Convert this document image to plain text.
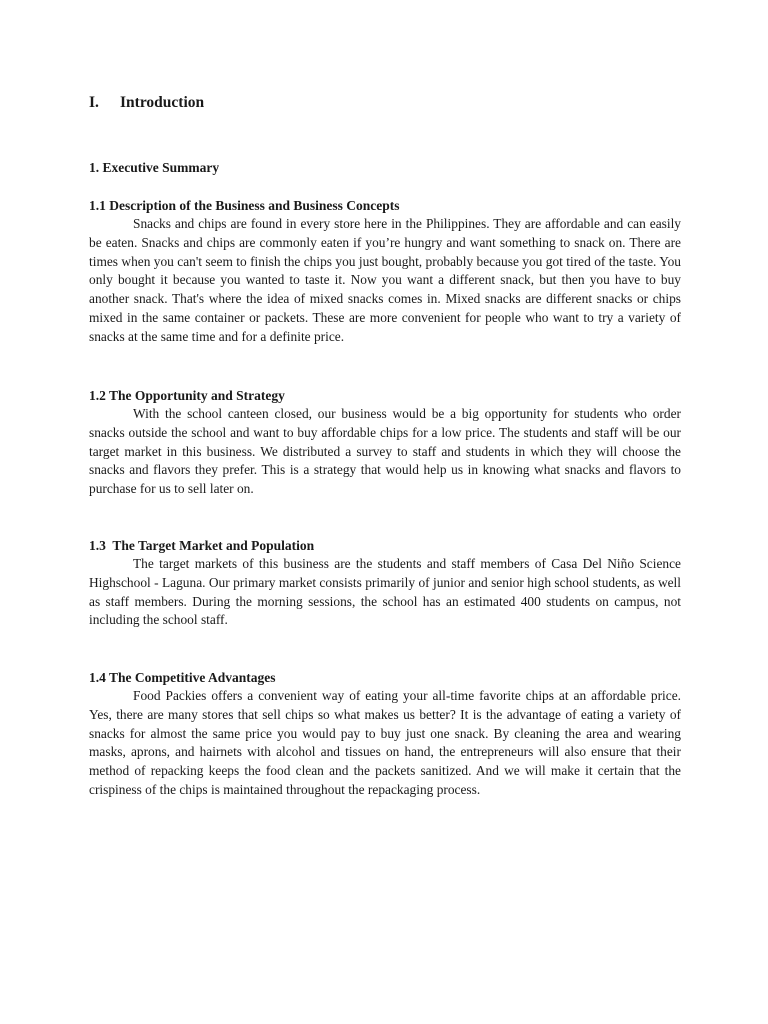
I. Introduction
1. Executive Summary
1.1 Description of the Business and Business Concepts

Snacks and chips are found in every store here in the Philippines. They are affordable and can easily be eaten. Snacks and chips are commonly eaten if you’re hungry and want something to snack on. There are times when you can't seem to finish the chips you just bought, probably because you got tired of the taste. You only bought it because you wanted to taste it. Now you want a different snack, but then you have to buy another snack. That's where the idea of mixed snacks comes in. Mixed snacks are different snacks or chips mixed in the same container or packets. These are more convenient for people who want to try a variety of snacks at the same time and for a definite price.

1.2 The Opportunity and Strategy

With the school canteen closed, our business would be a big opportunity for students who order snacks outside the school and want to buy affordable chips for a low price. The students and staff will be our target market in this business. We distributed a survey to staff and students in which they will choose the snacks and flavors they prefer. This is a strategy that would help us in knowing what snacks and flavors to purchase for us to sell later on.

1.3  The Target Market and Population

The target markets of this business are the students and staff members of Casa Del Niño Science Highschool - Laguna. Our primary market consists primarily of junior and senior high school students, as well as staff members. During the morning sessions, the school has an estimated 400 students on campus, not including the school staff.

1.4 The Competitive Advantages

Food Packies offers a convenient way of eating your all-time favorite chips at an affordable price. Yes, there are many stores that sell chips so what makes us better? It is the advantage of eating a variety of snacks for almost the same price you would pay to buy just one snack. By cleaning the area and wearing masks, aprons, and hairnets with alcohol and tissues on hand, the entrepreneurs will also ensure that their method of repacking keeps the food clean and the packets sanitized. And we will make it certain that the crispiness of the chips is maintained throughout the repackaging process.
